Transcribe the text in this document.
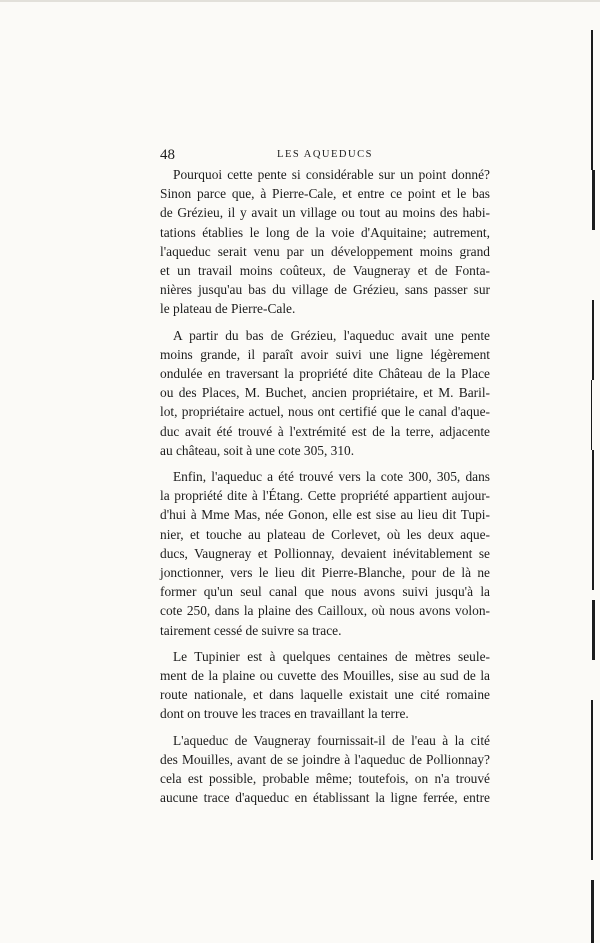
48	LES AQUEDUCS

Pourquoi cette pente si considérable sur un point donné?
Sinon parce que, à Pierre-Cale, et entre ce point et le bas
de Grézieu, il y avait un village ou tout au moins des habi-
tations établies le long de la voie d'Aquitaine; autrement,
l'aqueduc serait venu par un développement moins grand
et un travail moins coûteux, de Vaugneray et de Fonta-
nières jusqu'au bas du village de Grézieu, sans passer sur
le plateau de Pierre-Cale.

A partir du bas de Grézieu, l'aqueduc avait une pente
moins grande, il paraît avoir suivi une ligne légèrement
ondulée en traversant la propriété dite Château de la Place
ou des Places, M. Buchet, ancien propriétaire, et M. Baril-
lot, propriétaire actuel, nous ont certifié que le canal d'aque-
duc avait été trouvé à l'extrémité est de la terre, adjacente
au château, soit à une cote 305, 310.

Enfin, l'aqueduc a été trouvé vers la cote 300, 305, dans
la propriété dite à l'Étang. Cette propriété appartient aujour-
d'hui à Mme Mas, née Gonon, elle est sise au lieu dit Tupi-
nier, et touche au plateau de Corlevet, où les deux aque-
ducs, Vaugneray et Pollionnay, devaient inévitablement se
jonctionner, vers le lieu dit Pierre-Blanche, pour de là ne
former qu'un seul canal que nous avons suivi jusqu'à la
cote 250, dans la plaine des Cailloux, où nous avons volon-
tairement cessé de suivre sa trace.

Le Tupinier est à quelques centaines de mètres seule-
ment de la plaine ou cuvette des Mouilles, sise au sud de la
route nationale, et dans laquelle existait une cité romaine
dont on trouve les traces en travaillant la terre.

L'aqueduc de Vaugneray fournissait-il de l'eau à la cité
des Mouilles, avant de se joindre à l'aqueduc de Pollionnay?
cela est possible, probable même; toutefois, on n'a trouvé
aucune trace d'aqueduc en établissant la ligne ferrée, entre
